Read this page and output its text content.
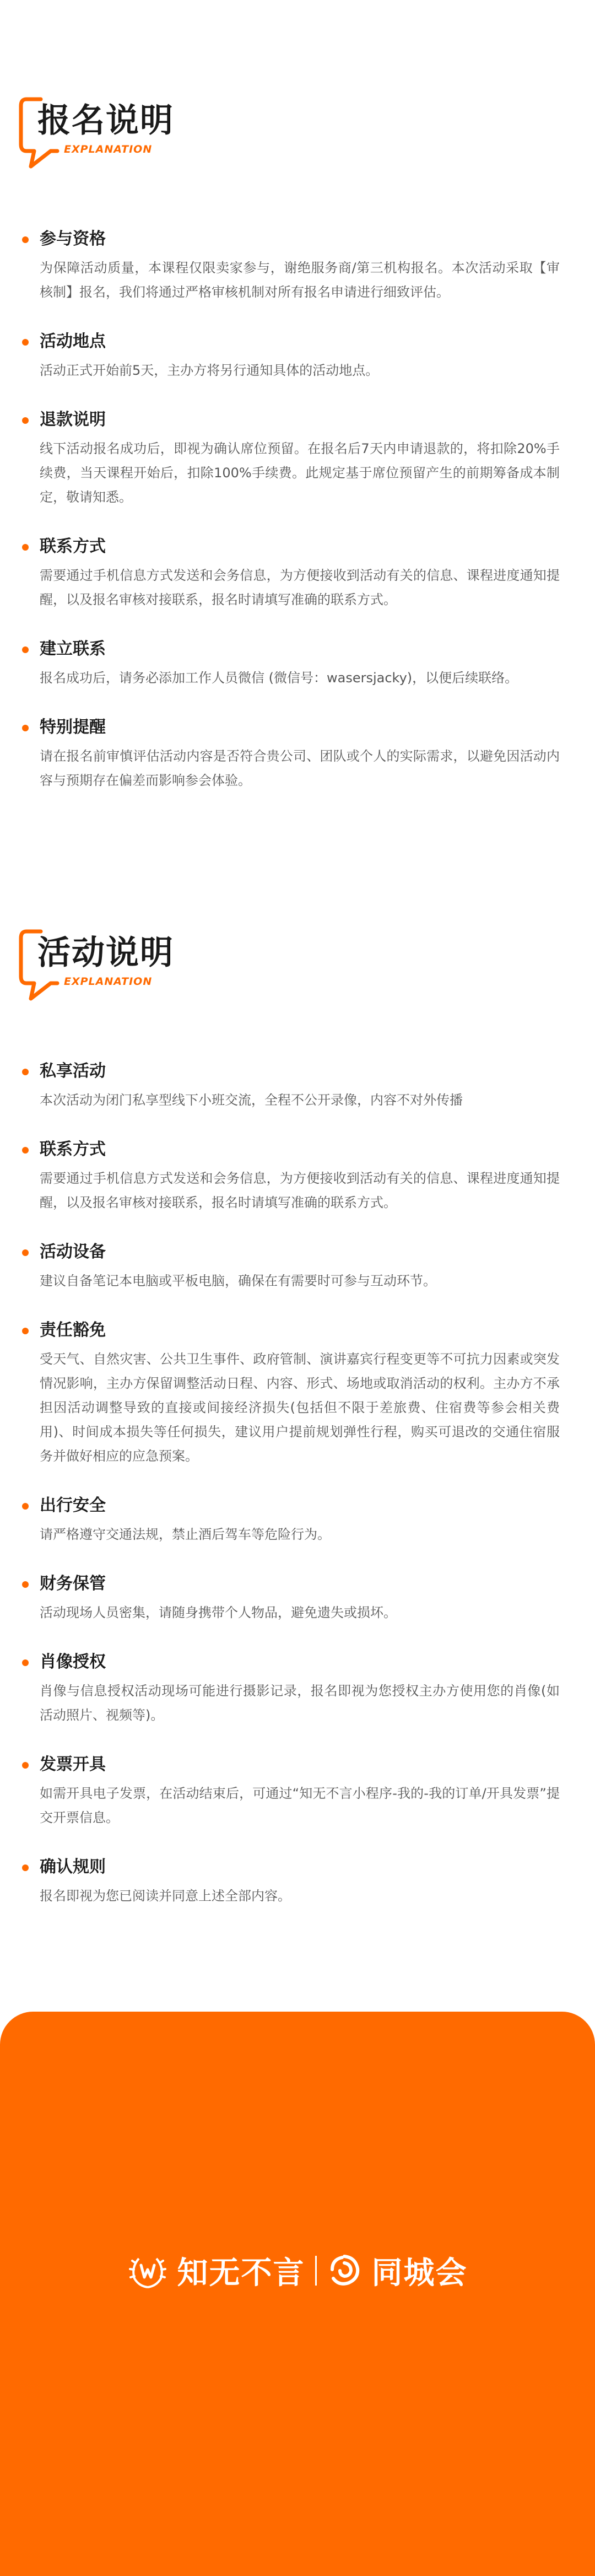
报名说明
EXPLANATION
参与资格
为保障活动质量，本课程仅限卖家参与，谢绝服务商/第三机构报名。本次活动采取【审核制】报名，我们将通过严格审核机制对所有报名申请进行细致评估。
活动地点
活动正式开始前5天，主办方将另行通知具体的活动地点。
退款说明
线下活动报名成功后，即视为确认席位预留。在报名后7天内申请退款的，将扣除20%手续费，当天课程开始后，扣除100%手续费。此规定基于席位预留产生的前期筹备成本制定，敬请知悉。
联系方式
需要通过手机信息方式发送和会务信息，为方便接收到活动有关的信息、课程进度通知提醒，以及报名审核对接联系，报名时请填写准确的联系方式。
建立联系
报名成功后，请务必添加工作人员微信 (微信号：wasersjacky)，以便后续联络。
特别提醒
请在报名前审慎评估活动内容是否符合贵公司、团队或个人的实际需求，以避免因活动内容与预期存在偏差而影响参会体验。
活动说明
EXPLANATION
私享活动
本次活动为闭门私享型线下小班交流，全程不公开录像，内容不对外传播
联系方式
需要通过手机信息方式发送和会务信息，为方便接收到活动有关的信息、课程进度通知提醒，以及报名审核对接联系，报名时请填写准确的联系方式。
活动设备
建议自备笔记本电脑或平板电脑，确保在有需要时可参与互动环节。
责任豁免
受天气、自然灾害、公共卫生事件、政府管制、演讲嘉宾行程变更等不可抗力因素或突发情况影响，主办方保留调整活动日程、内容、形式、场地或取消活动的权利。主办方不承担因活动调整导致的直接或间接经济损失(包括但不限于差旅费、住宿费等参会相关费用)、时间成本损失等任何损失，建议用户提前规划弹性行程，购买可退改的交通住宿服务并做好相应的应急预案。
出行安全
请严格遵守交通法规，禁止酒后驾车等危险行为。
财务保管
活动现场人员密集，请随身携带个人物品，避免遗失或损坏。
肖像授权
肖像与信息授权活动现场可能进行摄影记录，报名即视为您授权主办方使用您的肖像(如活动照片、视频等)。
发票开具
如需开具电子发票，在活动结束后，可通过“知无不言小程序-我的-我的订单/开具发票”提交开票信息。
确认规则
报名即视为您已阅读并同意上述全部内容。
知无不言 同城会
